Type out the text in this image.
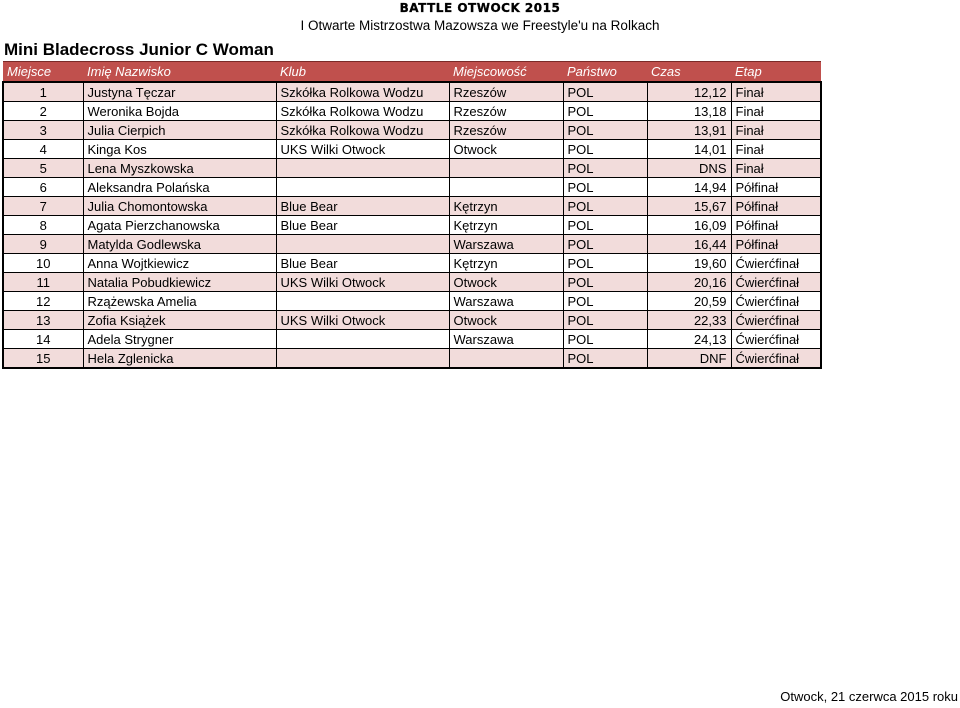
BATTLE OTWOCK 2015
I Otwarte Mistrzostwa Mazowsza we Freestyle'u na Rolkach
Mini Bladecross Junior C Woman
Miejsce	Imię Nazwisko	Klub	Miejscowość	Państwo	Czas	Etap
1	Justyna Tęczar	Szkółka Rolkowa Wodzu	Rzeszów	POL	12,12	Finał
2	Weronika Bojda	Szkółka Rolkowa Wodzu	Rzeszów	POL	13,18	Finał
3	Julia Cierpich	Szkółka Rolkowa Wodzu	Rzeszów	POL	13,91	Finał
4	Kinga Kos	UKS Wilki Otwock	Otwock	POL	14,01	Finał
5	Lena Myszkowska			POL	DNS	Finał
6	Aleksandra Polańska			POL	14,94	Półfinał
7	Julia Chomontowska	Blue Bear	Kętrzyn	POL	15,67	Półfinał
8	Agata Pierzchanowska	Blue Bear	Kętrzyn	POL	16,09	Półfinał
9	Matylda Godlewska		Warszawa	POL	16,44	Półfinał
10	Anna Wojtkiewicz	Blue Bear	Kętrzyn	POL	19,60	Ćwierćfinał
11	Natalia Pobudkiewicz	UKS Wilki Otwock	Otwock	POL	20,16	Ćwierćfinał
12	Rzążewska Amelia		Warszawa	POL	20,59	Ćwierćfinał
13	Zofia Książek	UKS Wilki Otwock	Otwock	POL	22,33	Ćwierćfinał
14	Adela Strygner		Warszawa	POL	24,13	Ćwierćfinał
15	Hela Zglenicka			POL	DNF	Ćwierćfinał
Otwock, 21 czerwca 2015 roku
